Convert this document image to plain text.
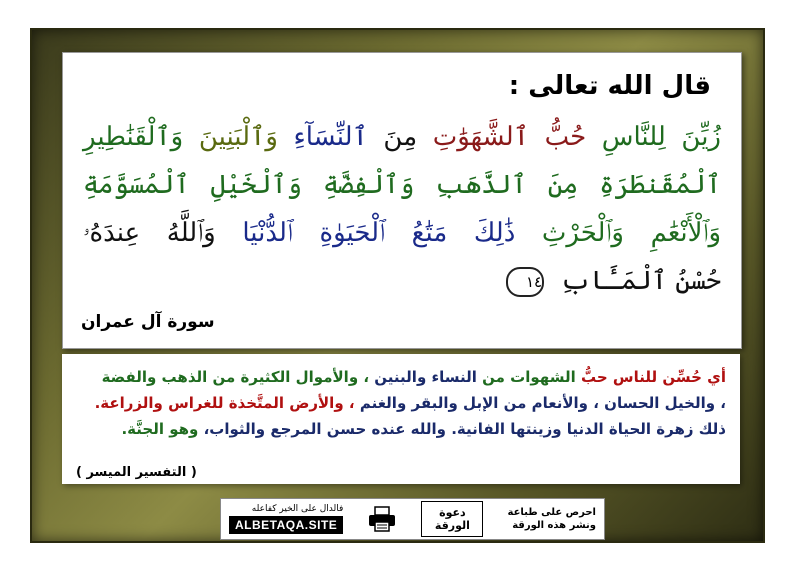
قال الله تعالى :
زُيِّنَ لِلنَّاسِ حُبُّ ٱلشَّهَوَٰتِ مِنَ ٱلنِّسَآءِ وَٱلْبَنِينَ وَٱلْقَنَٰطِيرِ
ٱلْمُقَنطَرَةِ مِنَ ٱلذَّهَبِ وَٱلْفِضَّةِ وَٱلْخَيْلِ ٱلْمُسَوَّمَةِ
وَٱلْأَنْعَٰمِ وَٱلْحَرْثِ ذَٰلِكَ مَتَٰعُ ٱلْحَيَوٰةِ ٱلدُّنْيَا وَٱللَّهُ عِندَهُۥ
حُسْنُ ٱلْمَـَٔابِ ١٤
سورة آل عمران
أي حُسِّن للناس حبُّ الشهوات من النساء والبنين ، والأموال الكثيرة من الذهب والفضة
، والخيل الحسان ، والأنعام من الإبل والبقر والغنم ، والأرض المتَّخذة للغراس والزراعة.
ذلك زهرة الحياة الدنيا وزينتها الفانية. والله عنده حسن المرجع والثواب، وهو الجنَّة.
( التفسير الميسر )
فالدال على الخير كفاعله
ALBETAQA.SITE
دعوة
الورقة
احرص على طباعة
ونشر هذه الورقة
